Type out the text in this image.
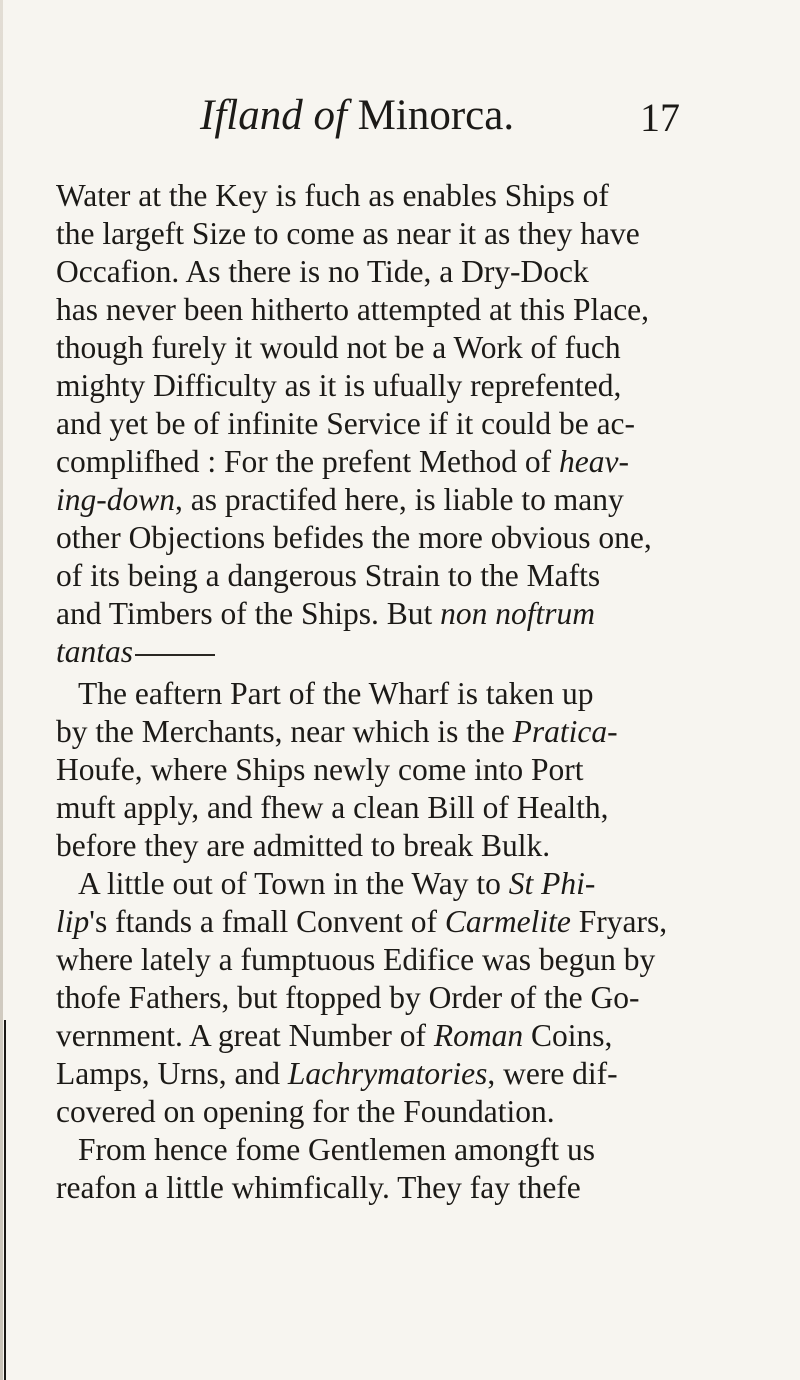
Ifland of Minorca.	17
Water at the Key is fuch as enables Ships of
the largeft Size to come as near it as they have
Occafion. As there is no Tide, a Dry-Dock
has never been hitherto attempted at this Place,
though furely it would not be a Work of fuch
mighty Difficulty as it is ufually reprefented,
and yet be of infinite Service if it could be ac-
complifhed : For the prefent Method of heav-
ing-down, as practifed here, is liable to many
other Objections befides the more obvious one,
of its being a dangerous Strain to the Mafts
and Timbers of the Ships. But non noftrum
tantas
The eaftern Part of the Wharf is taken up
by the Merchants, near which is the Pratica-
Houfe, where Ships newly come into Port
muft apply, and fhew a clean Bill of Health,
before they are admitted to break Bulk.
A little out of Town in the Way to St Phi-
lip's ftands a fmall Convent of Carmelite Fryars,
where lately a fumptuous Edifice was begun by
thofe Fathers, but ftopped by Order of the Go-
vernment. A great Number of Roman Coins,
Lamps, Urns, and Lachrymatories, were dif-
covered on opening for the Foundation.
From hence fome Gentlemen amongft us
reafon a little whimfically. They fay thefe
